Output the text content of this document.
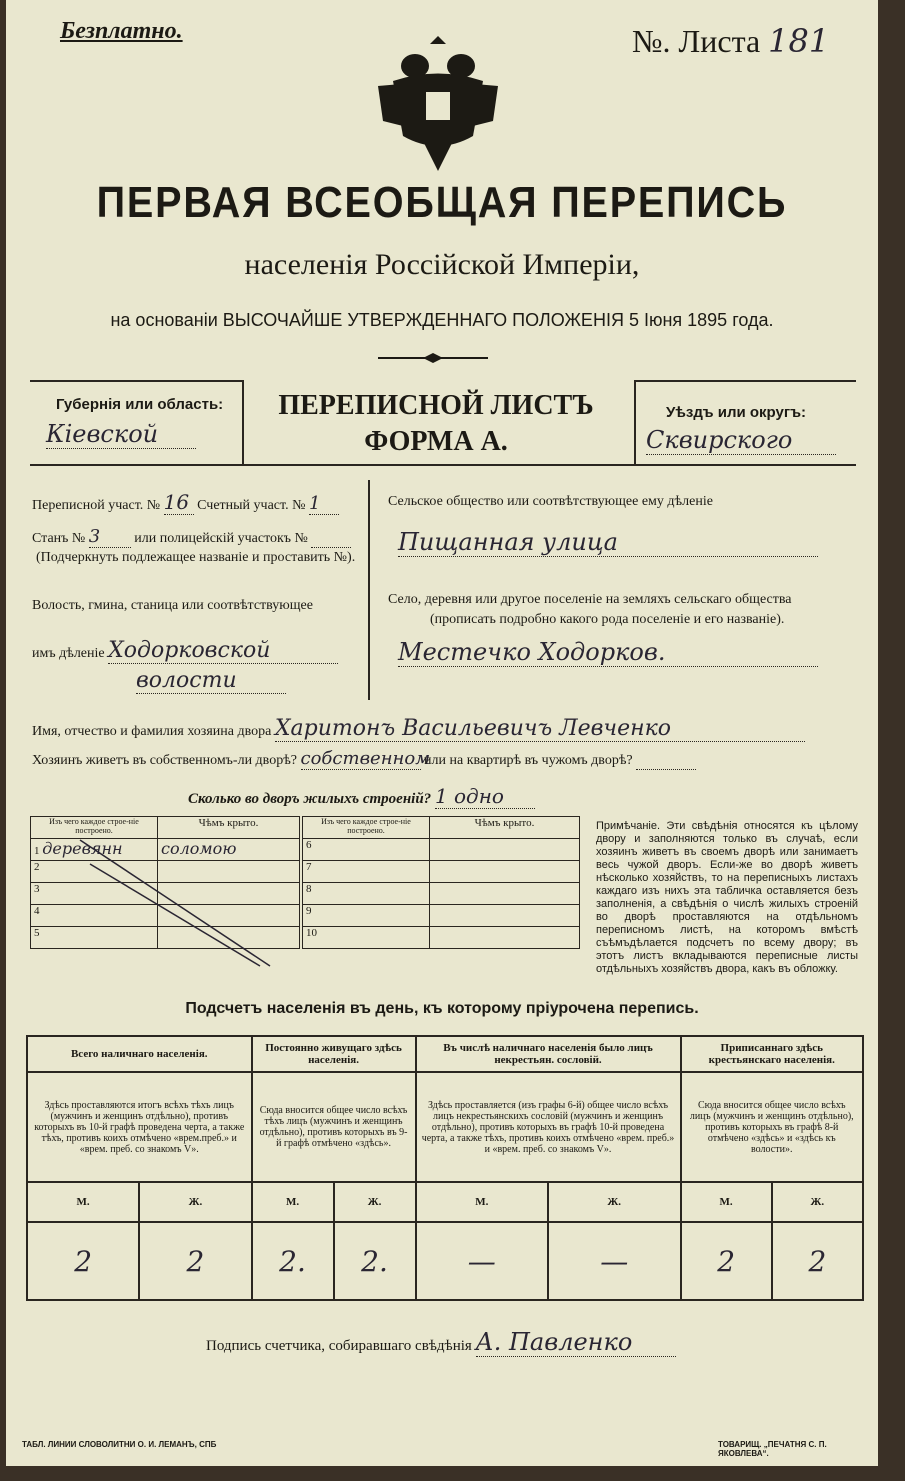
Безплатно.	№. Листа 181
ПЕРВАЯ ВСЕОБЩАЯ ПЕРЕПИСЬ
населенія Россійской Имперіи,
на основаніи ВЫСОЧАЙШЕ УТВЕРЖДЕННАГО ПОЛОЖЕНІЯ 5 Іюня 1895 года.
Губернія или область:
Кіевской
ПЕРЕПИСНОЙ ЛИСТЪ
ФОРМА А.
Уѣздъ или округъ:
Сквирского
Переписной участ. № 16 Счетный участ. № 1
Станъ № 3 или полицейскій участокъ №
(Подчеркнуть подлежащее названіе и проставить №).
Волость, гмина, станица или соотвѣтствующее
имъ дѣленіе Ходорковской
волости
Сельское общество или соотвѣтствующее ему дѣленіе
Пищанная улица
Село, деревня или другое поселеніе на земляхъ сельскаго общества
(прописать подробно какого рода поселеніе и его названіе).
Местечко Ходорков.
Имя, отчество и фамилия хозяина двора Харитонъ Васильевичъ Левченко
Хозяинъ живетъ въ собственномъ-ли дворѣ? собственном или на квартирѣ въ чужомъ дворѣ?
Сколько во дворъ жилыхъ строеній? 1 одно
Изъ чего каждое строе-ніе построено.	Чѣмъ крыто.
1 деревянн	соломою
2	
3	
4	
5	
Изъ чего каждое строе-ніе построено.	Чѣмъ крыто.
6	
7	
8	
9	
10	
Примѣчаніе. Эти свѣдѣнія относятся къ цѣлому двору и заполняются только въ случаѣ, если хозяинъ живетъ въ своемъ дворѣ или занимаетъ весь чужой дворъ. Если-же во дворѣ живетъ нѣсколько хозяйствъ, то на переписныхъ листахъ каждаго изъ нихъ эта табличка оставляется безъ заполненія, а свѣдѣнія о числѣ жилыхъ строеній во дворѣ проставляются на отдѣльномъ переписномъ листѣ, на которомъ вмѣстѣ съѣмъдѣлается подсчетъ по всему двору; въ этотъ листъ вкладываются переписные листы отдѣльныхъ хозяйствъ двора, какъ въ обложку.
Подсчетъ населенія въ день, къ которому пріурочена перепись.
Всего наличнаго населенія.		Постоянно живущаго здѣсь населенія.		Въ числѣ наличнаго населенія было лицъ некрестьян. сословій.		Приписаннаго здѣсь крестьянскаго населенія.	
Здѣсь проставляются итогъ всѣхъ тѣхъ лицъ (мужчинъ и женщинъ отдѣльно), противъ которыхъ въ 10-й графѣ проведена черта, а также тѣхъ, противъ коихъ отмѣчено «врем.преб.» и «врем. преб. со знакомъ V».		Сюда вносится общее число всѣхъ тѣхъ лицъ (мужчинъ и женщинъ отдѣльно), противъ которыхъ въ 9-й графѣ отмѣчено «здѣсь».		Здѣсь проставляется (изъ графы 6-й) общее число всѣхъ лицъ некрестьянскихъ сословій (мужчинъ и женщинъ отдѣльно), противъ которыхъ въ графѣ 10-й проведена черта, а также тѣхъ, противъ коихъ отмѣчено «врем. преб.» и «врем. преб. со знакомъ V».		Сюда вносится общее число всѣхъ лицъ (мужчинъ и женщинъ отдѣльно), противъ которыхъ въ графѣ 8-й отмѣчено «здѣсь» и «здѣсь къ волости».	
М.	Ж.	М.	Ж.	М.	Ж.	М.	Ж.
2	2	2.	2.	—	—	2	2
Подпись счетчика, собиравшаго свѣдѣнія А. Павленко
ТАБЛ. ЛИНИИ СЛОВОЛИТНИ О. И. ЛЕМАНЪ, СПБ	ТОВАРИЩ. „ПЕЧАТНЯ С. П. ЯКОВЛЕВА“.
